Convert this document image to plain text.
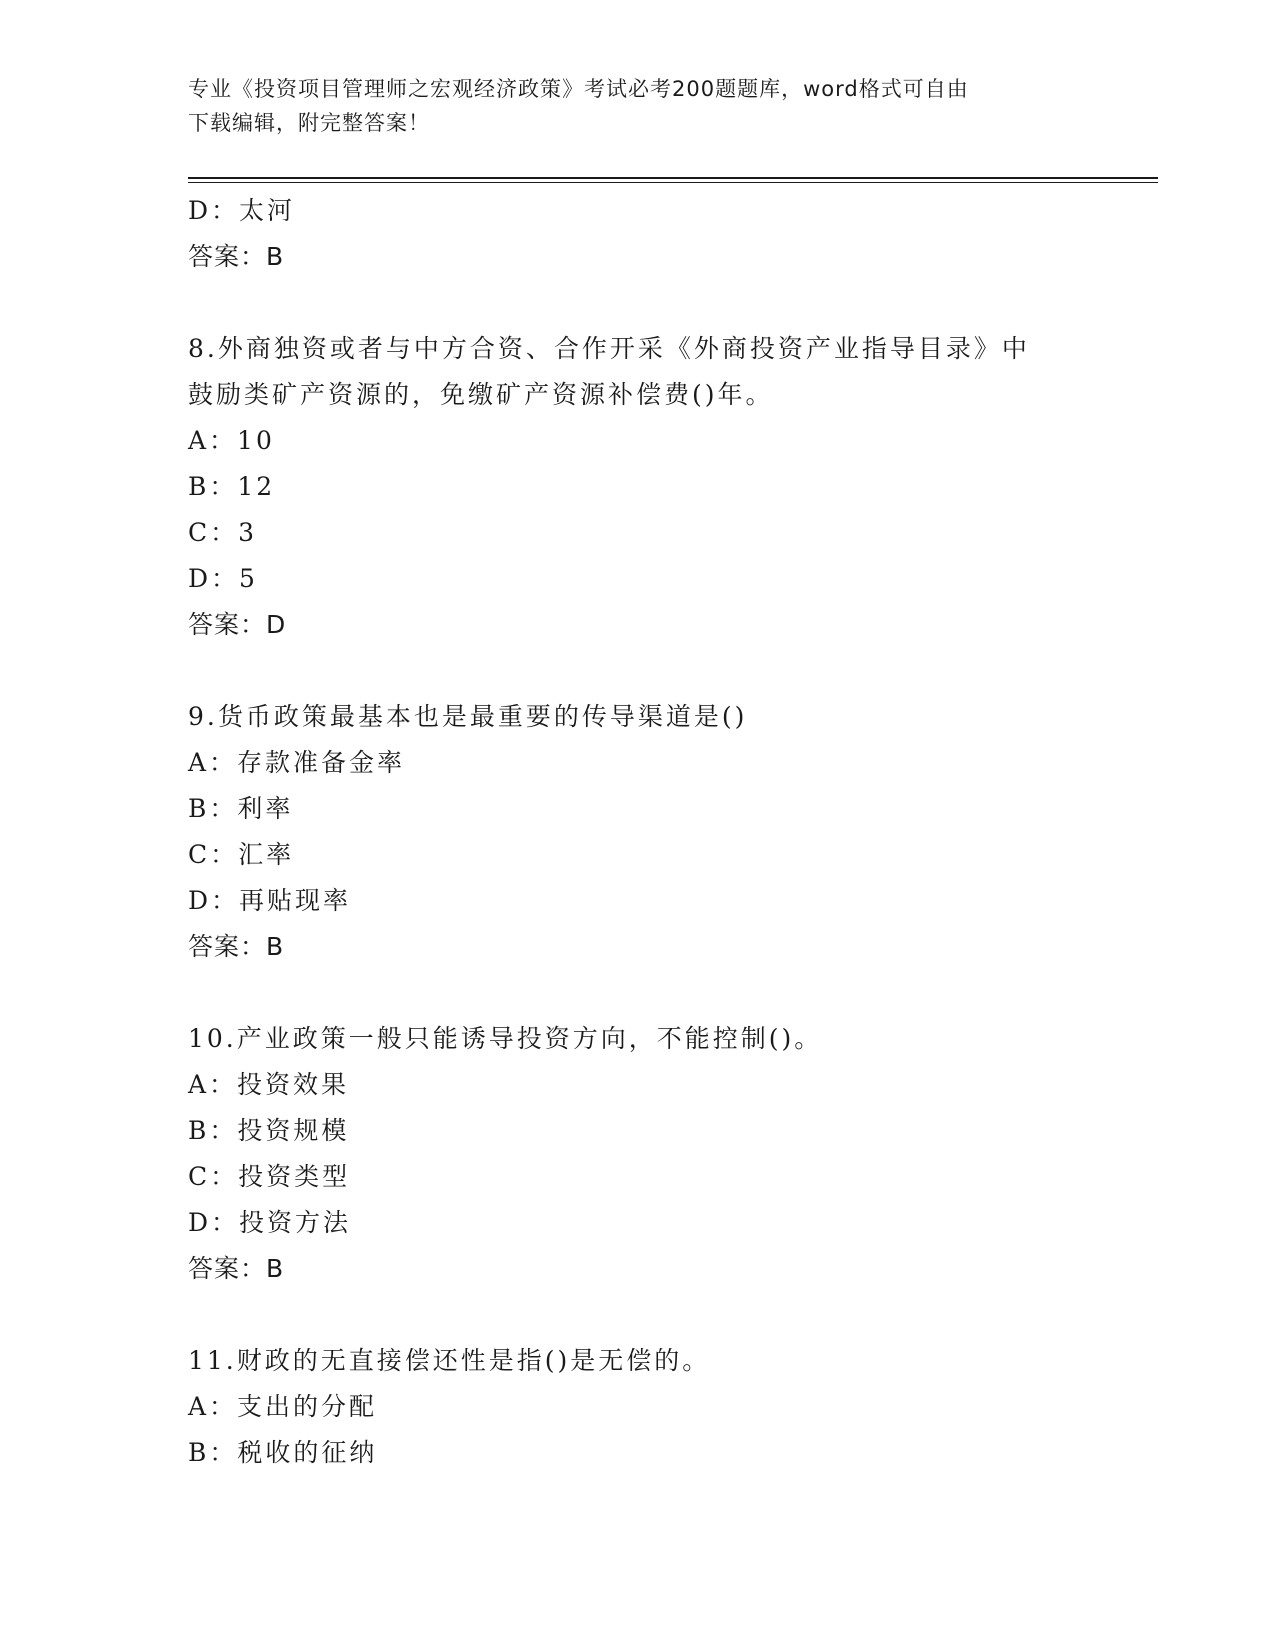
专业《投资项目管理师之宏观经济政策》考试必考200题题库，word格式可自由
下载编辑，附完整答案！
D：太河
答案：B
8.外商独资或者与中方合资、合作开采《外商投资产业指导目录》中
鼓励类矿产资源的，免缴矿产资源补偿费()年。
A：10
B：12
C：3
D：5
答案：D
9.货币政策最基本也是最重要的传导渠道是()
A：存款准备金率
B：利率
C：汇率
D：再贴现率
答案：B
10.产业政策一般只能诱导投资方向，不能控制()。
A：投资效果
B：投资规模
C：投资类型
D：投资方法
答案：B
11.财政的无直接偿还性是指()是无偿的。
A：支出的分配
B：税收的征纳
